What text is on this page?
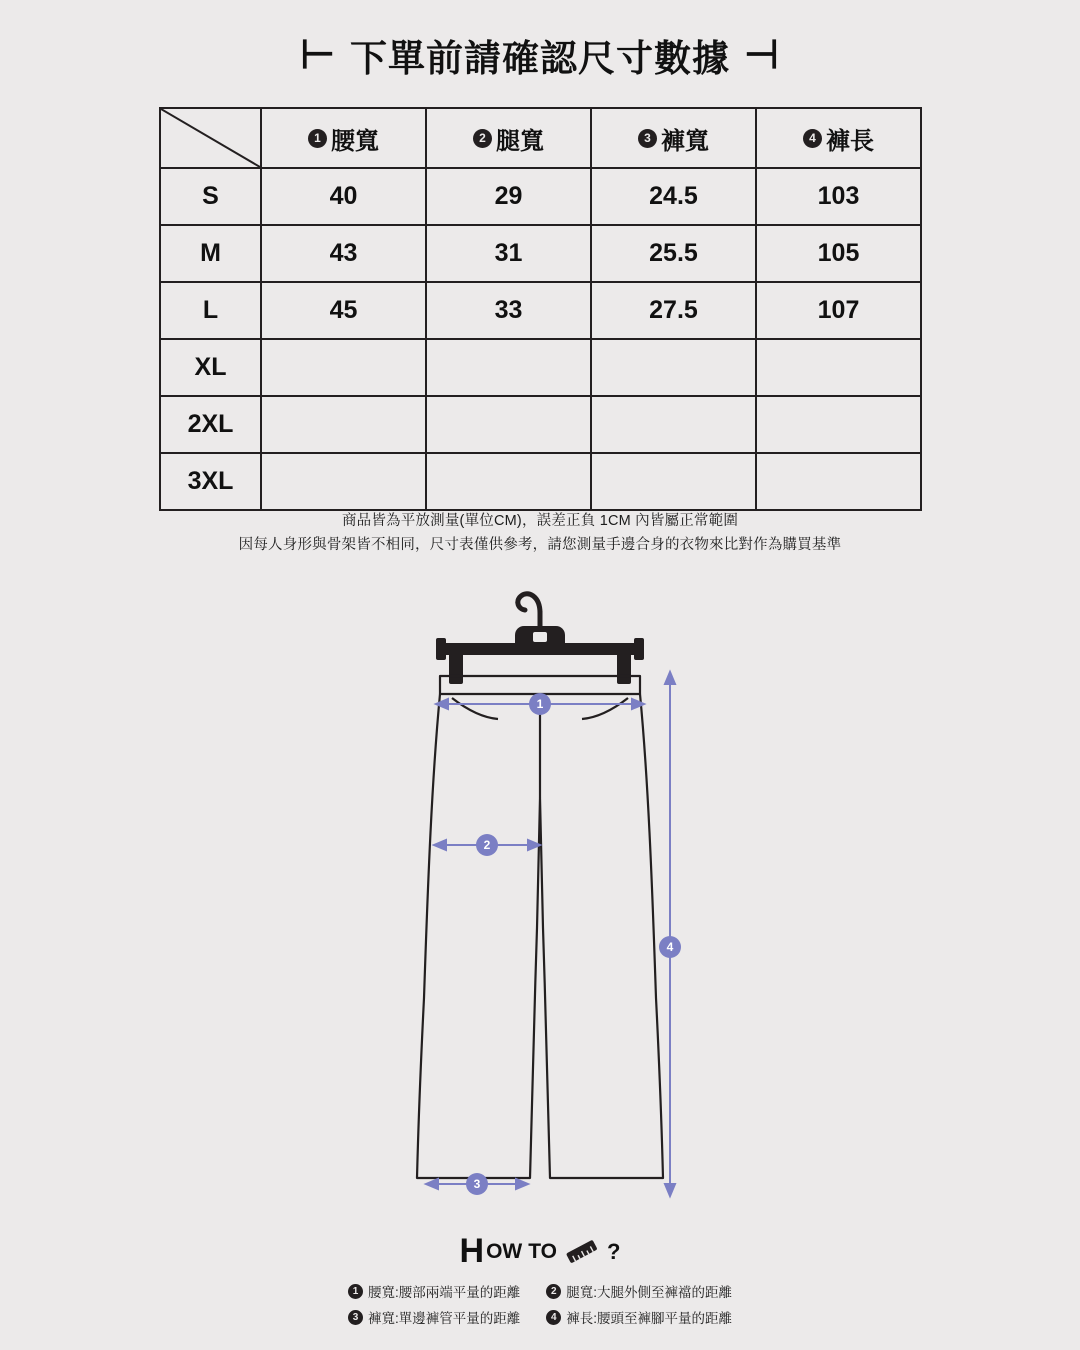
⊢ 下單前請確認尺寸數據 ⊣

1 腰寬	2 腿寬	3 褲寬	4 褲長

S	40	29	24.5	103
M	43	31	25.5	105
L	45	33	27.5	107
XL				
2XL				
3XL				
商品皆為平放測量(單位CM)，誤差正負 1CM 內皆屬正常範圍
因每人身形與骨架皆不相同，尺寸表僅供參考，請您測量手邊合身的衣物來比對作為購買基準
1
2
3
4
H OW TO ?
1 腰寬:腰部兩端平量的距離	2 腿寬:大腿外側至褲襠的距離
3 褲寬:單邊褲管平量的距離	4 褲長:腰頭至褲腳平量的距離
